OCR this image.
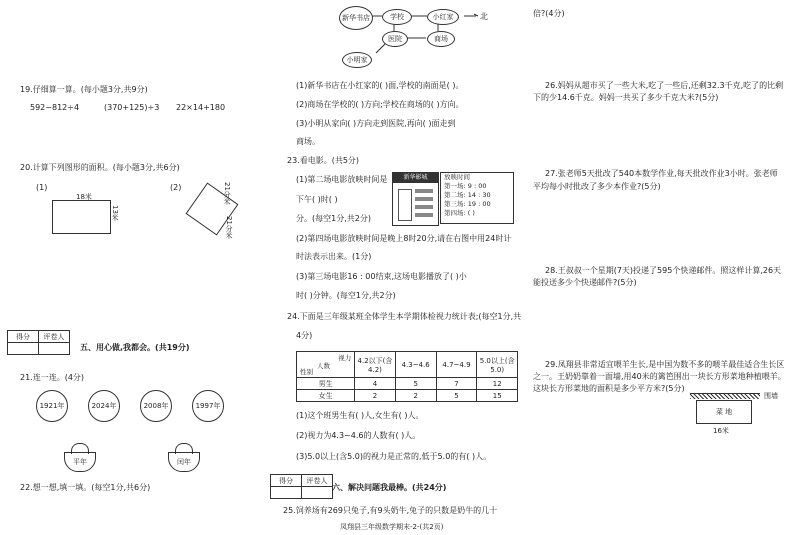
19.仔细算一算。(每小题3分,共9分)
592−812÷4	(370+125)÷3 22×14+180
20.计算下列图形的面积。(每小题3分,共6分)
(1)
18米
13米
(2)	21分米
21分米
得分	评卷人

五、用心做,我都会。(共19分)
21.连一连。(4分)
1921年	2024年	2008年	1997年
平年	闰年
22.想一想,填一填。(每空1分,共6分)
新华书店	学校	小红家
医院	商场
小明家
北
(1)新华书店在小红家的( )面,学校的南面是( )。
(2)商场在学校的( )方向;学校在商场的( )方向。
(3)小明从家向( )方向走到医院,再向( )面走到
商场。
23.看电影。(共5分)
(1)第二场电影放映时间是
下午( )时( )
分。(每空1分,共2分)
新华影城	放映时间
第一场: 9 : 00
第二场: 14 : 30
第三场: 19 : 00
第四场: ( )
(2)第四场电影放映时间是晚上8时20分,请在右图中用24时计
时法表示出来。(1分)
(3)第三场电影16 : 00结束,这场电影播放了( )小
时( )分钟。(每空1分,共2分)
24.下面是三年级某班全体学生本学期体检视力统计表;(每空1分,共
4分)
视力
人数
性别	4.2以下(含4.2)	4.3~4.6	4.7~4.9	5.0以上(含5.0)
男生	4	5	7	12
女生	2	2	5	15
(1)这个班男生有( )人,女生有( )人。
(2)视力为4.3~4.6的人数有( )人。
(3)5.0以上(含5.0)的视力是正常的,低于5.0的有( )人。
得分	评卷人

六、解决问题我最棒。(共24分)
25.饲养场有269只兔子,有9头奶牛,兔子的只数是奶牛的几十
凤翔县三年级数学期末-2-(共2页)
倍?(4分)
26.妈妈从超市买了一些大米,吃了一些后,还剩32.3千克,吃了的比剩
下的少14.6千克。妈妈一共买了多少千克大米?(5分)
27.张老师5天批改了540本数学作业,每天批改作业3小时。张老师
平均每小时批改了多少本作业?(5分)
28.王叔叔一个星期(7天)投递了595个快递邮件。照这样计算,26天
能投送多少个快递邮件?(5分)
29.凤翔县非常适宜喂羊生长,是中国为数不多的喂羊最佳适合生长区
之一。王奶奶靠着一面墙,用40米的篱笆围出一块长方形菜地种植喂羊。
这块长方形菜地的面积是多少平方米?(5分)
围墙
菜 地
16米
